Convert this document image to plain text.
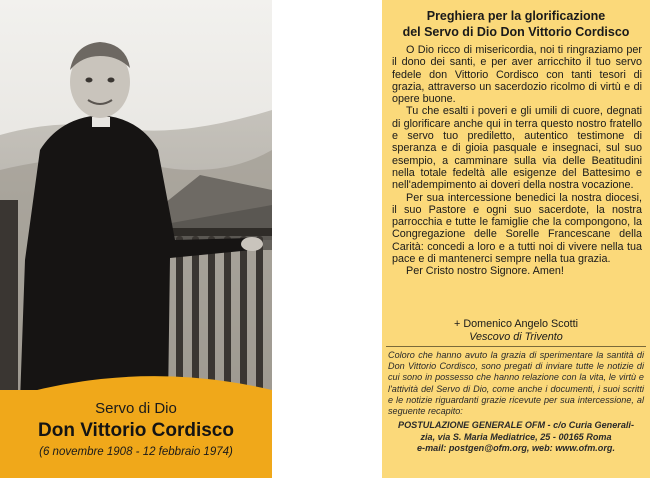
Servo di Dio
Don Vittorio Cordisco
(6 novembre 1908 - 12 febbraio 1974)
Preghiera per la glorificazione
del Servo di Dio Don Vittorio Cordisco

O Dio ricco di misericordia, noi ti ringraziamo per il dono dei santi, e per aver arricchito il tuo servo fedele don Vittorio Cordisco con tanti tesori di grazia, attraverso un sacerdozio ricolmo di virtù e di opere buone.

Tu che esalti i poveri e gli umili di cuore, degnati di glorificare anche qui in terra questo nostro fratello e servo tuo prediletto, autentico testimone di speranza e di gioia pasquale e insegnaci, sul suo esempio, a camminare sulla via delle Beatitudini nella totale fedeltà alle esigenze del Battesimo e nell'adempimento ai doveri della nostra vocazione.

Per sua intercessione benedici la nostra diocesi, il suo Pastore e ogni suo sacerdote, la nostra parrocchia e tutte le famiglie che la compongono, la Congregazione delle Sorelle Francescane della Carità: concedi a loro e a tutti noi di vivere nella tua pace e di mantenerci sempre nella tua grazia.

Per Cristo nostro Signore. Amen!

+ Domenico Angelo Scotti
Vescovo di Trivento
Coloro che hanno avuto la grazia di sperimentare la santità di Don Vittorio Cordisco, sono pregati di inviare tutte le notizie di cui sono in possesso che hanno relazione con la vita, le virtù e l'attività del Servo di Dio, come anche i documenti, i suoi scritti e le notizie riguardanti grazie ricevute per sua intercessione, al seguente recapito:
POSTULAZIONE GENERALE OFM - c/o Curia Generali-
zia, via S. Maria Mediatrice, 25 - 00165 Roma
e-mail: postgen@ofm.org, web: www.ofm.org.
